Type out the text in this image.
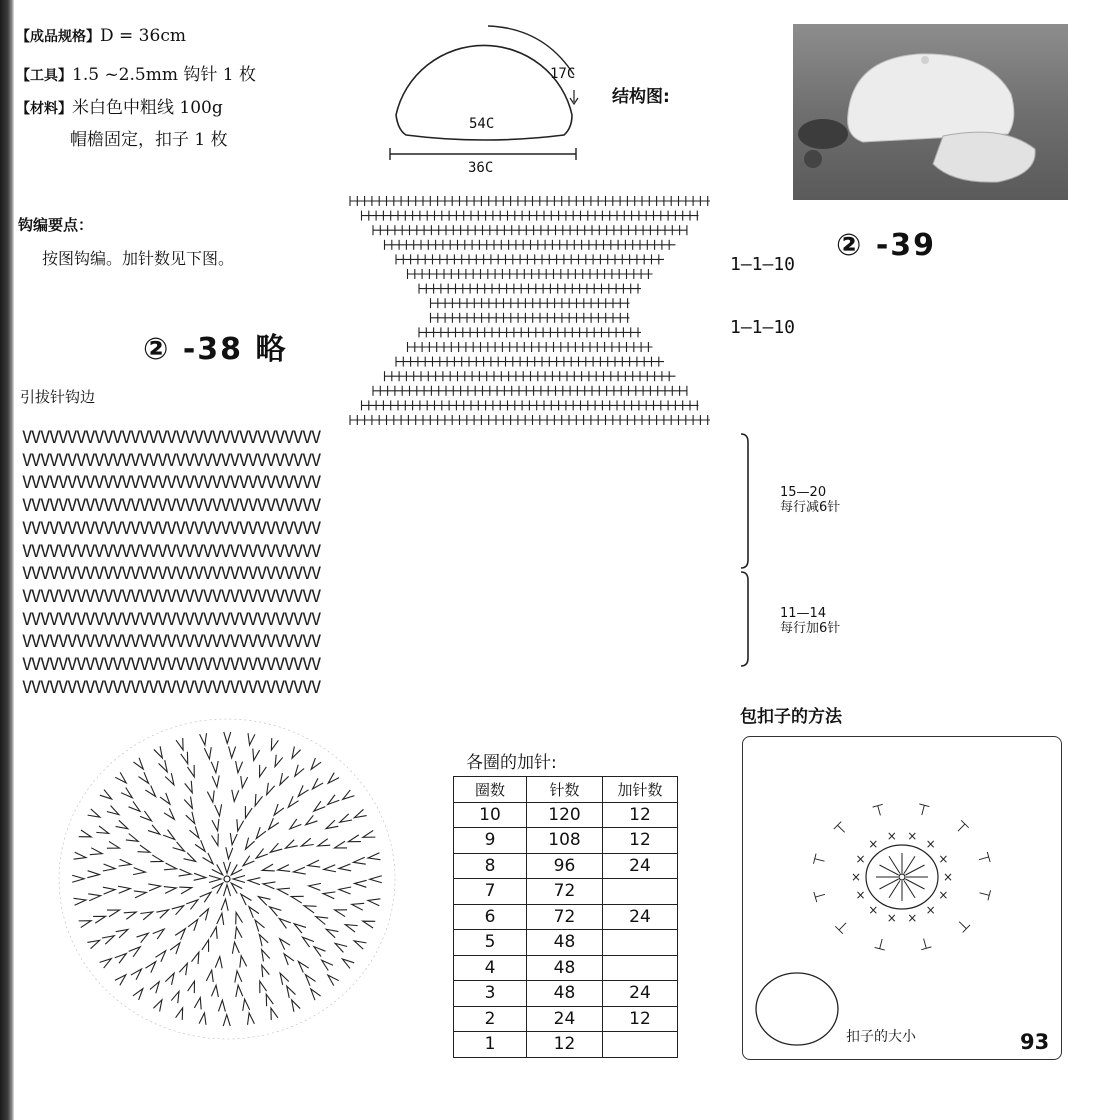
【成品规格】D = 36cm
【工具】1.5 ~2.5mm 钩针 1 枚
【材料】米白色中粗线 100g
帽檐固定，扣子 1 枚
17C
54C
36C
结构图:
钩编要点：
按图钩编。加针数见下图。
② -38 略
② -39
引拔针钩边
1—1—10
1—1—10
VVVVVVVVVVVVVVVVVVVVVVVVVVVVVVVVV
VVVVVVVVVVVVVVVVVVVVVVVVVVVVVVVVV
VVVVVVVVVVVVVVVVVVVVVVVVVVVVVVVVV
VVVVVVVVVVVVVVVVVVVVVVVVVVVVVVVVV
VVVVVVVVVVVVVVVVVVVVVVVVVVVVVVVVV
VVVVVVVVVVVVVVVVVVVVVVVVVVVVVVVVV
VVVVVVVVVVVVVVVVVVVVVVVVVVVVVVVVV
VVVVVVVVVVVVVVVVVVVVVVVVVVVVVVVVV
VVVVVVVVVVVVVVVVVVVVVVVVVVVVVVVVV
VVVVVVVVVVVVVVVVVVVVVVVVVVVVVVVVV
VVVVVVVVVVVVVVVVVVVVVVVVVVVVVVVVV
VVVVVVVVVVVVVVVVVVVVVVVVVVVVVVVVV
15—20
每行减6针
11—14
每行加6针
各圈的加针:
圈数	针数	加针数
10	120	12
9	108	12
8	96	24
7	72	
6	72	24
5	48	
4	48	
3	48	24
2	24	12
1	12	
包扣子的方法
×
×
×
×
×
×
×
×
×
×
× ×
×
×
⊤
⊤
⊤
⊤
⊤
⊤
⊤
⊤
⊤ ⊤
⊤
⊤
扣子的大小	93
